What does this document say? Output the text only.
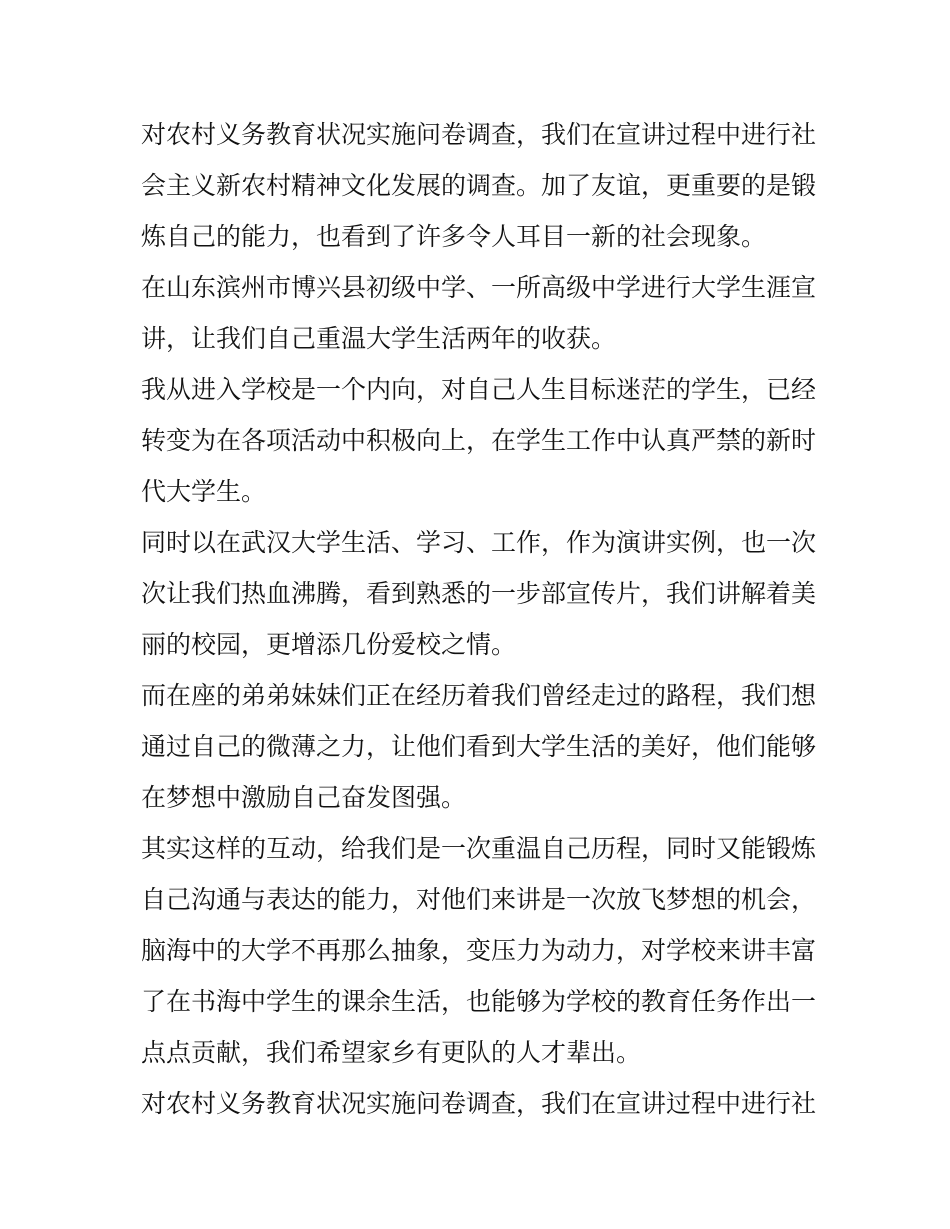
对农村义务教育状况实施问卷调查，我们在宣讲过程中进行社
会主义新农村精神文化发展的调查。加了友谊，更重要的是锻
炼自己的能力，也看到了许多令人耳目一新的社会现象。

在山东滨州市博兴县初级中学、一所高级中学进行大学生涯宣
讲，让我们自己重温大学生活两年的收获。

我从进入学校是一个内向，对自己人生目标迷茫的学生，已经
转变为在各项活动中积极向上，在学生工作中认真严禁的新时
代大学生。

同时以在武汉大学生活、学习、工作，作为演讲实例，也一次
次让我们热血沸腾，看到熟悉的一步部宣传片，我们讲解着美
丽的校园，更增添几份爱校之情。

而在座的弟弟妹妹们正在经历着我们曾经走过的路程，我们想
通过自己的微薄之力，让他们看到大学生活的美好，他们能够
在梦想中激励自己奋发图强。

其实这样的互动，给我们是一次重温自己历程，同时又能锻炼
自己沟通与表达的能力，对他们来讲是一次放飞梦想的机会，
脑海中的大学不再那么抽象，变压力为动力，对学校来讲丰富
了在书海中学生的课余生活，也能够为学校的教育任务作出一
点点贡献，我们希望家乡有更队的人才辈出。

对农村义务教育状况实施问卷调查，我们在宣讲过程中进行社
